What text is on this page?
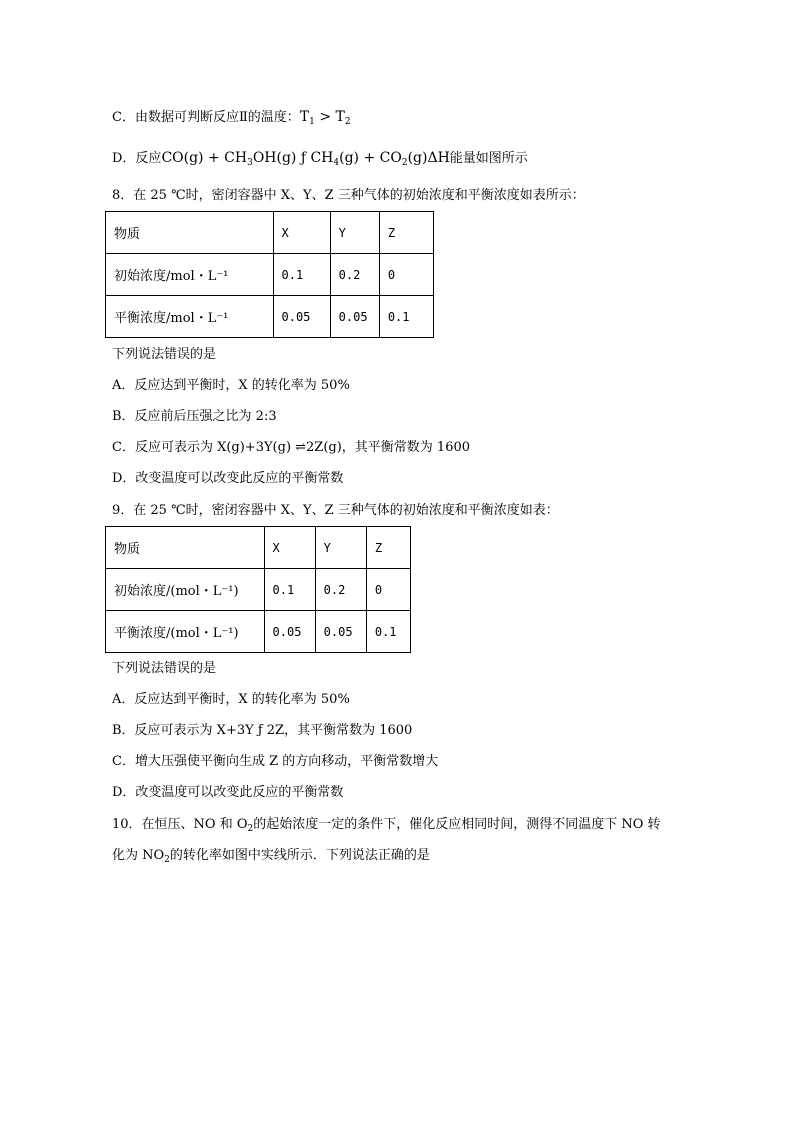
C．由数据可判断反应Ⅱ的温度：$T_1 > T_2$
D．反应$CO(g) + CH_3OH(g)$ ƒ $CH_4(g) + CO_2(g)\Delta H$能量如图所示
8．在 25 ℃时，密闭容器中 X、Y、Z 三种气体的初始浓度和平衡浓度如表所示：
物质	X	Y	Z
初始浓度/mol・L⁻¹	0.1	0.2	0
平衡浓度/mol・L⁻¹	0.05	0.05	0.1
下列说法错误的是
A．反应达到平衡时，X 的转化率为 50%
B．反应前后压强之比为 2:3
C．反应可表示为 X(g)+3Y(g) ⇌2Z(g)，其平衡常数为 1600
D．改变温度可以改变此反应的平衡常数
9．在 25 ℃时，密闭容器中 X、Y、Z 三种气体的初始浓度和平衡浓度如表：
物质	X	Y	Z
初始浓度/(mol・L⁻¹)	0.1	0.2	0
平衡浓度/(mol・L⁻¹)	0.05	0.05	0.1
下列说法错误的是
A．反应达到平衡时，X 的转化率为 50%
B．反应可表示为 X+3Y ƒ 2Z，其平衡常数为 1600
C．增大压强使平衡向生成 Z 的方向移动，平衡常数增大
D．改变温度可以改变此反应的平衡常数
10．在恒压、NO 和 $O_2$的起始浓度一定的条件下，催化反应相同时间，测得不同温度下 NO 转
化为 $NO_2$的转化率如图中实线所示．下列说法正确的是
